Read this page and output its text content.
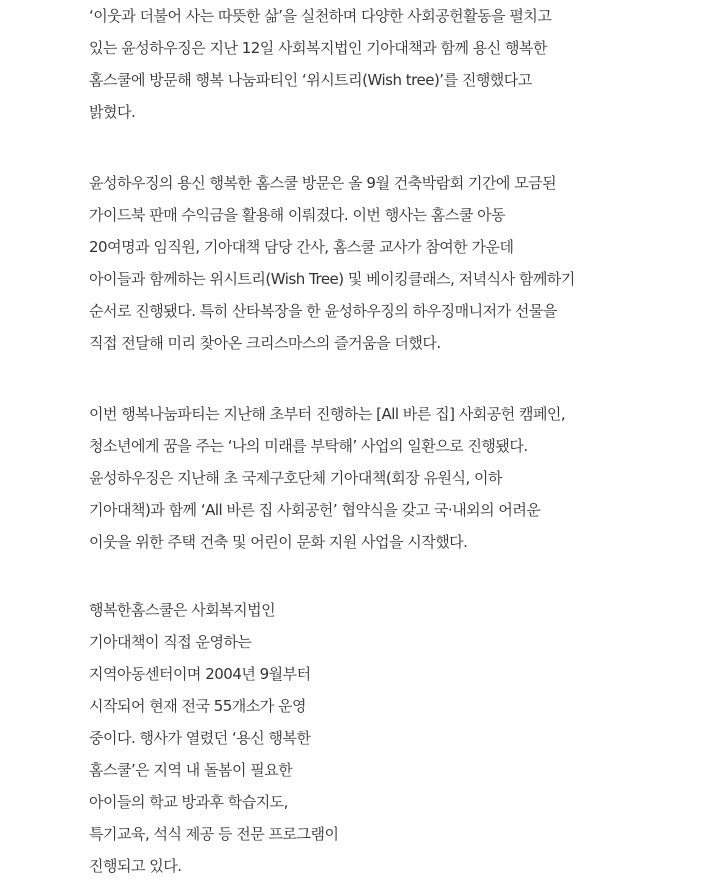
‘이웃과 더불어 사는 따뜻한 삶’을 실천하며 다양한 사회공헌활동을 펼치고
있는 윤성하우징은 지난 12일 사회복지법인 기아대책과 함께 용신 행복한
홈스쿨에 방문해 행복 나눔파티인 ‘위시트리(Wish tree)’를 진행했다고
밝혔다.
윤성하우징의 용신 행복한 홈스쿨 방문은 올 9월 건축박람회 기간에 모금된
가이드북 판매 수익금을 활용해 이뤄졌다. 이번 행사는 홈스쿨 아동
20여명과 임직원, 기아대책 담당 간사, 홈스쿨 교사가 참여한 가운데
아이들과 함께하는 위시트리(Wish Tree) 및 베이킹클래스, 저녁식사 함께하기
순서로 진행됐다. 특히 산타복장을 한 윤성하우징의 하우징매니저가 선물을
직접 전달해 미리 찾아온 크리스마스의 즐거움을 더했다.
이번 행복나눔파티는 지난해 초부터 진행하는 [All 바른 집] 사회공헌 캠페인,
청소년에게 꿈을 주는 ‘나의 미래를 부탁해’ 사업의 일환으로 진행됐다.
윤성하우징은 지난해 초 국제구호단체 기아대책(회장 유원식, 이하
기아대책)과 함께 ‘All 바른 집 사회공헌’ 협약식을 갖고 국·내외의 어려운
이웃을 위한 주택 건축 및 어린이 문화 지원 사업을 시작했다.
행복한홈스쿨은 사회복지법인
기아대책이 직접 운영하는
지역아동센터이며 2004년 9월부터
시작되어 현재 전국 55개소가 운영
중이다. 행사가 열렸던 ‘용신 행복한
홈스쿨’은 지역 내 돌봄이 필요한
아이들의 학교 방과후 학습지도,
특기교육, 석식 제공 등 전문 프로그램이
진행되고 있다.
